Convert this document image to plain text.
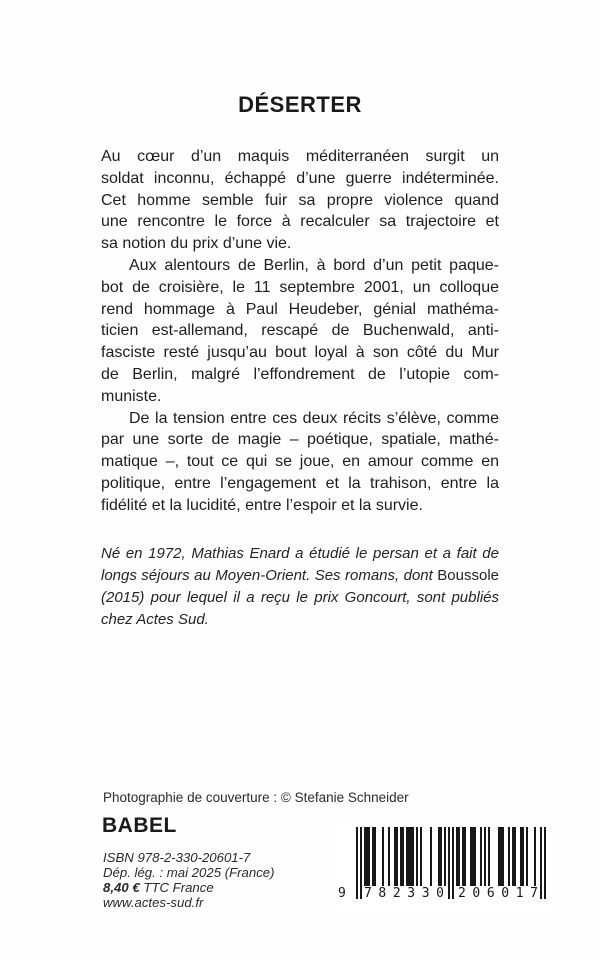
DÉSERTER
Au cœur d’un maquis méditerranéen surgit un
soldat inconnu, échappé d’une guerre indéterminée.
Cet homme semble fuir sa propre violence quand
une rencontre le force à recalculer sa trajectoire et
sa notion du prix d’une vie.
Aux alentours de Berlin, à bord d’un petit paque-
bot de croisière, le 11 septembre 2001, un colloque
rend hommage à Paul Heudeber, génial mathéma-
ticien est-allemand, rescapé de Buchenwald, anti-
fasciste resté jusqu’au bout loyal à son côté du Mur
de Berlin, malgré l’effondrement de l’utopie com-
muniste.
De la tension entre ces deux récits s’élève, comme
par une sorte de magie – poétique, spatiale, mathé-
matique –, tout ce qui se joue, en amour comme en
politique, entre l’engagement et la trahison, entre la
fidélité et la lucidité, entre l’espoir et la survie.
Né en 1972, Mathias Enard a étudié le persan et a fait de
longs séjours au Moyen-Orient. Ses romans, dont Boussole
(2015) pour lequel il a reçu le prix Goncourt, sont publiés
chez Actes Sud.
Photographie de couverture : © Stefanie Schneider
BABEL
ISBN 978-2-330-20601-7
Dép. lég. : mai 2025 (France)
8,40 € TTC France
www.actes-sud.fr
9	7 8 2 3 3 0 2 0 6 0 1 7
